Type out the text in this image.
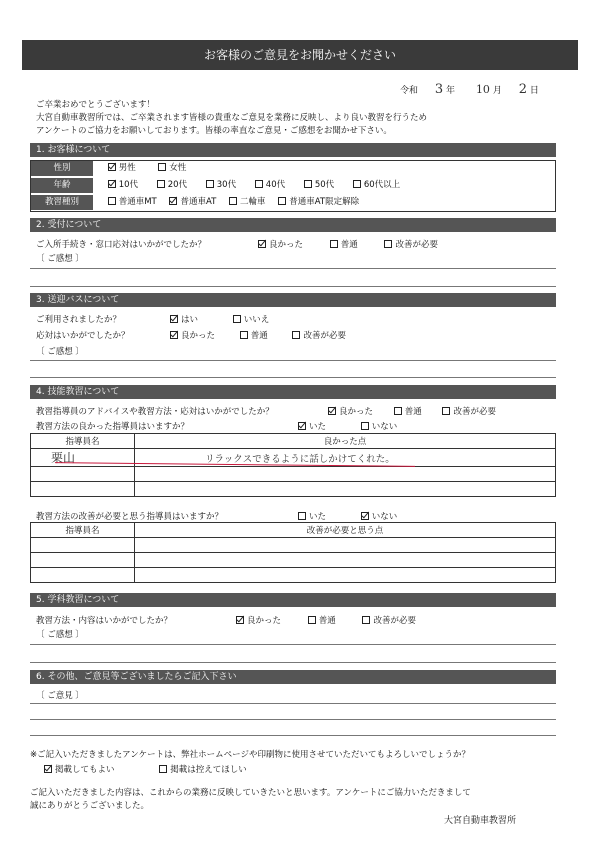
お客様のご意見をお聞かせください
令和 3 年 10 月 2 日
ご卒業おめでとうございます！
大宮自動車教習所では、ご卒業されます皆様の貴重なご意見を業務に反映し、より良い教習を行うため
アンケートのご協力をお願いしております。皆様の率直なご意見・ご感想をお聞かせ下さい。
1. お客様について
性別	男性	女性
年齢	10代	20代	30代	40代	50代	60代以上
教習種別	普通車MT	普通車AT	二輪車	普通車AT限定解除
2. 受付について
ご入所手続き・窓口応対はいかがでしたか？	良かった	普通	改善が必要
〔 ご感想 〕
3. 送迎バスについて
ご利用されましたか？	はい	いいえ
応対はいかがでしたか？	良かった	普通	改善が必要
〔 ご感想 〕
4. 技能教習について
教習指導員のアドバイスや教習方法・応対はいかがでしたか？	良かった	普通	改善が必要
教習方法の良かった指導員はいますか？	いた	いない
指導員名	良かった点
栗山	リラックスできるように話しかけてくれた。

教習方法の改善が必要と思う指導員はいますか？	いた	いない
指導員名	改善が必要と思う点

5. 学科教習について
教習方法・内容はいかがでしたか？	良かった	普通	改善が必要
〔 ご感想 〕
6. その他、ご意見等ございましたらご記入下さい
〔 ご意見 〕
※ご記入いただきましたアンケートは、弊社ホームページや印刷物に使用させていただいてもよろしいでしょうか？
掲載してもよい	掲載は控えてほしい
ご記入いただきました内容は、これからの業務に反映していきたいと思います。アンケートにご協力いただきまして
誠にありがとうございました。
大宮自動車教習所
